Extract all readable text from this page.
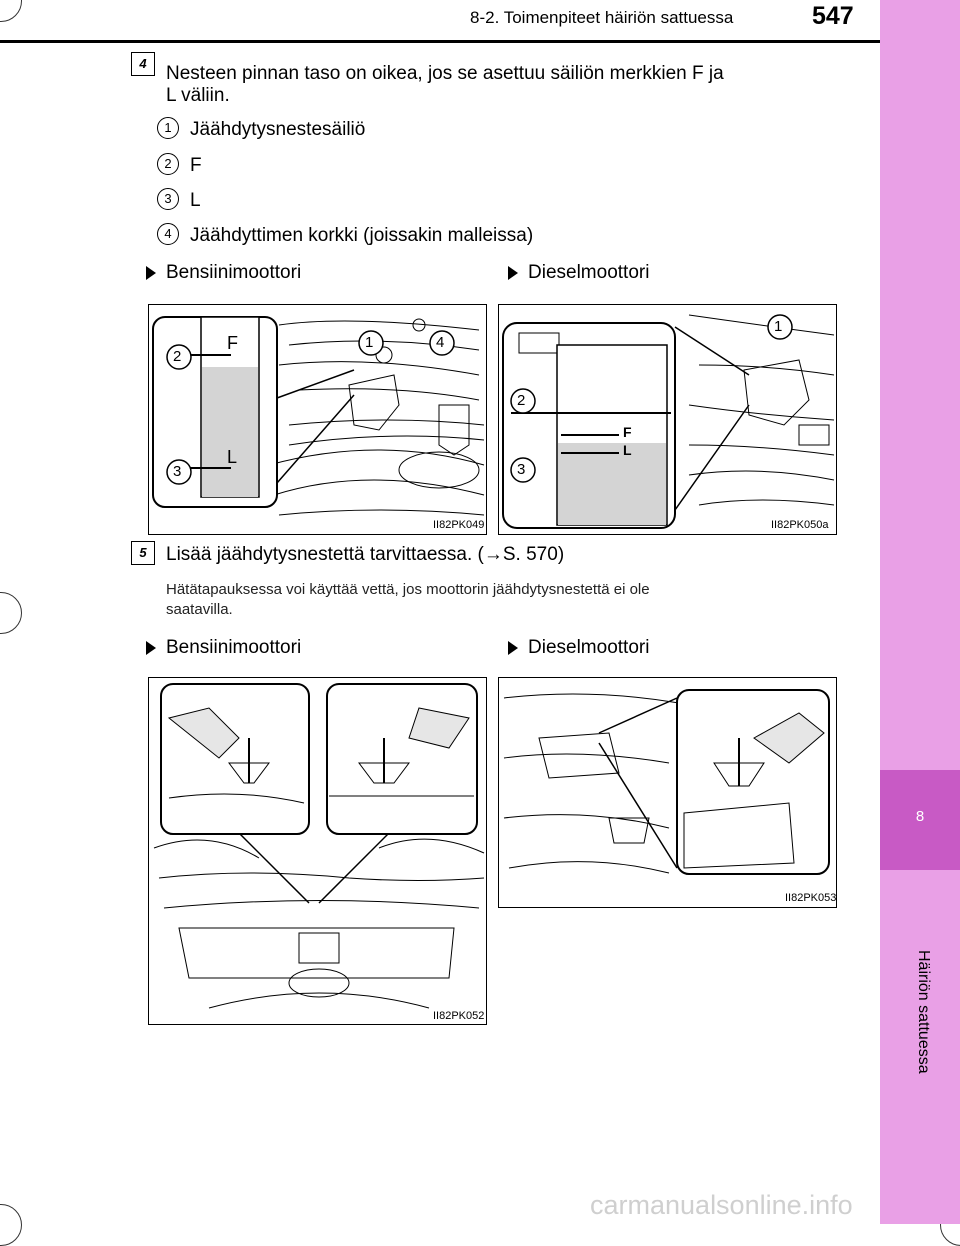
8-2. Toimenpiteet häiriön sattuessa	547
8
Häiriön sattuessa
4	Nesteen pinnan taso on oikea, jos se asettuu säiliön merkkien F ja
L väliin.
1 Jäähdytysnestesäiliö
2 F
3 L
4 Jäähdyttimen korkki (joissakin malleissa)
Bensiinimoottori	Dieselmoottori
2
3
1	4
F
L
II82PK049
2
3
1
F
L
II82PK050a
5	Lisää jäähdytysnestettä tarvittaessa. (→S. 570)
Hätätapauksessa voi käyttää vettä, jos moottorin jäähdytysnestettä ei ole
saatavilla.
Bensiinimoottori	Dieselmoottori
II82PK052
II82PK053
carmanualsonline.info
